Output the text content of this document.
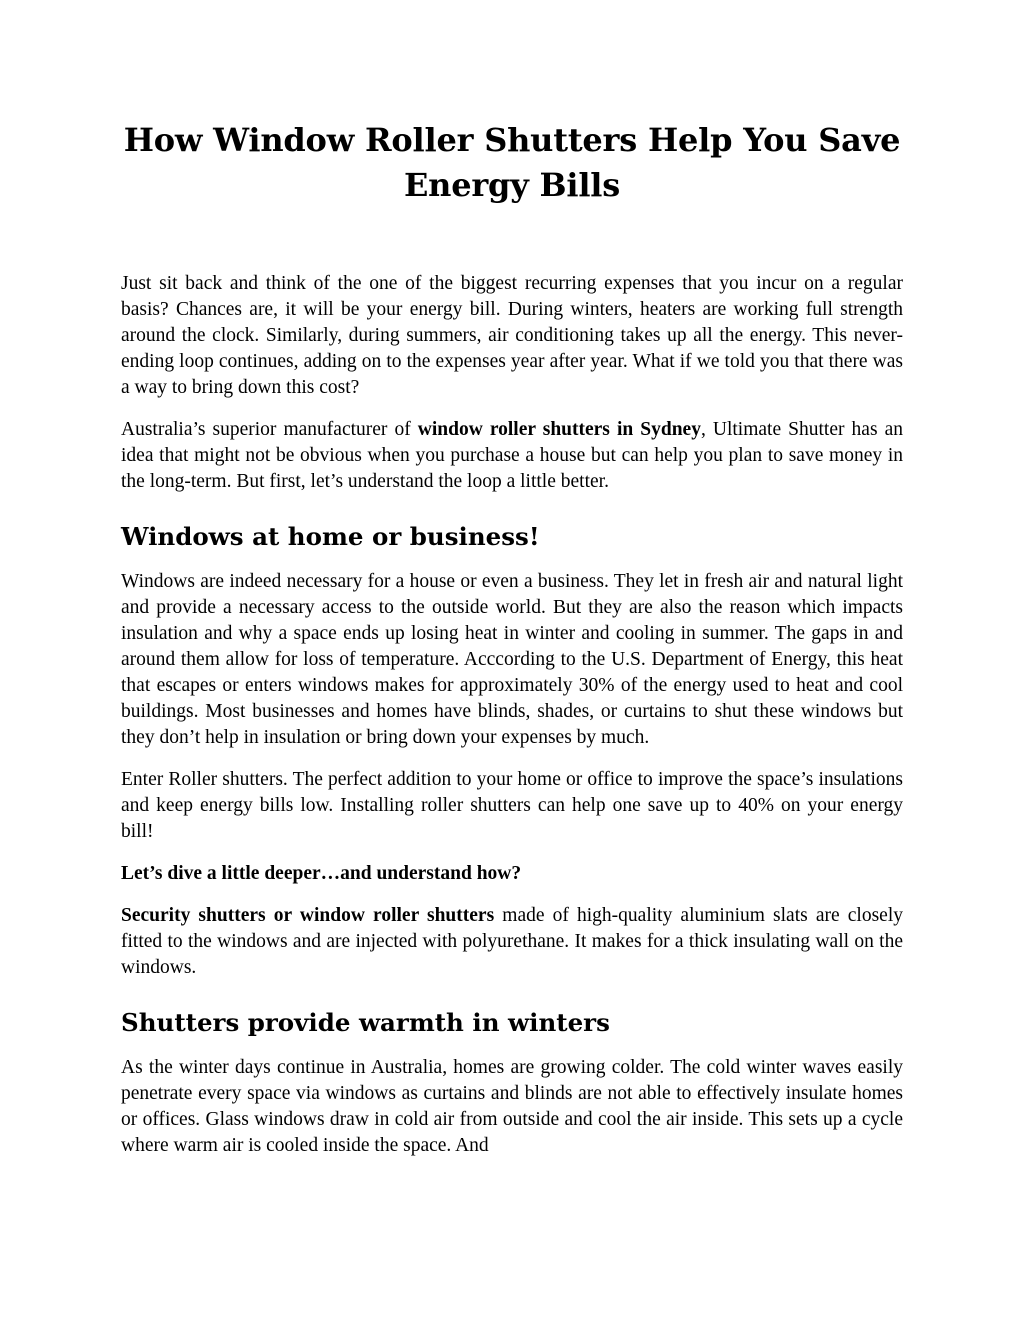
How Window Roller Shutters Help You Save Energy Bills

Just sit back and think of the one of the biggest recurring expenses that you incur on a regular basis? Chances are, it will be your energy bill. During winters, heaters are working full strength around the clock. Similarly, during summers, air conditioning takes up all the energy. This never-ending loop continues, adding on to the expenses year after year. What if we told you that there was a way to bring down this cost?

Australia’s superior manufacturer of window roller shutters in Sydney, Ultimate Shutter has an idea that might not be obvious when you purchase a house but can help you plan to save money in the long-term. But first, let’s understand the loop a little better.

Windows at home or business!

Windows are indeed necessary for a house or even a business. They let in fresh air and natural light and provide a necessary access to the outside world. But they are also the reason which impacts insulation and why a space ends up losing heat in winter and cooling in summer. The gaps in and around them allow for loss of temperature. Acccording to the U.S. Department of Energy, this heat that escapes or enters windows makes for approximately 30% of the energy used to heat and cool buildings. Most businesses and homes have blinds, shades, or curtains to shut these windows but they don’t help in insulation or bring down your expenses by much.

Enter Roller shutters. The perfect addition to your home or office to improve the space’s insulations and keep energy bills low. Installing roller shutters can help one save up to 40% on your energy bill!

Let’s dive a little deeper…and understand how?

Security shutters or window roller shutters made of high-quality aluminium slats are closely fitted to the windows and are injected with polyurethane. It makes for a thick insulating wall on the windows.

Shutters provide warmth in winters

As the winter days continue in Australia, homes are growing colder. The cold winter waves easily penetrate every space via windows as curtains and blinds are not able to effectively insulate homes or offices. Glass windows draw in cold air from outside and cool the air inside. This sets up a cycle where warm air is cooled inside the space. And
